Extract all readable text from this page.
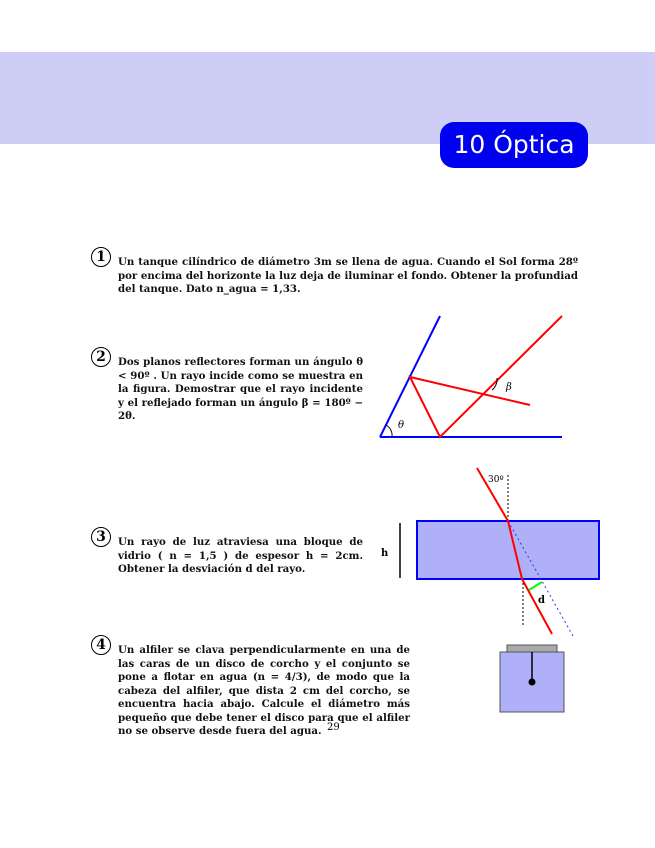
10 Óptica
1	Un tanque cilíndrico de diámetro 3m se llena de agua. Cuando el Sol forma 28º por encima del horizonte la luz deja de iluminar el fondo. Obtener la profundiad del tanque. Dato n_agua = 1,33.
2	Dos planos reflectores forman un ángulo θ < 90º . Un rayo incide como se muestra en la figura. Demostrar que el rayo incidente y el reflejado forman un ángulo β = 180º − 2θ.
3	Un rayo de luz atraviesa una bloque de vidrio ( n = 1,5 ) de espesor h = 2cm. Obtener la desviación d del rayo.
4	Un alfiler se clava perpendicularmente en una de las caras de un disco de corcho y el conjunto se pone a flotar en agua (n = 4/3), de modo que la cabeza del alfiler, que dista 2 cm del corcho, se encuentra hacia abajo. Calcule el diámetro más pequeño que debe tener el disco para que el alfiler no se observe desde fuera del agua.
θ
β
h
d
30º
29
